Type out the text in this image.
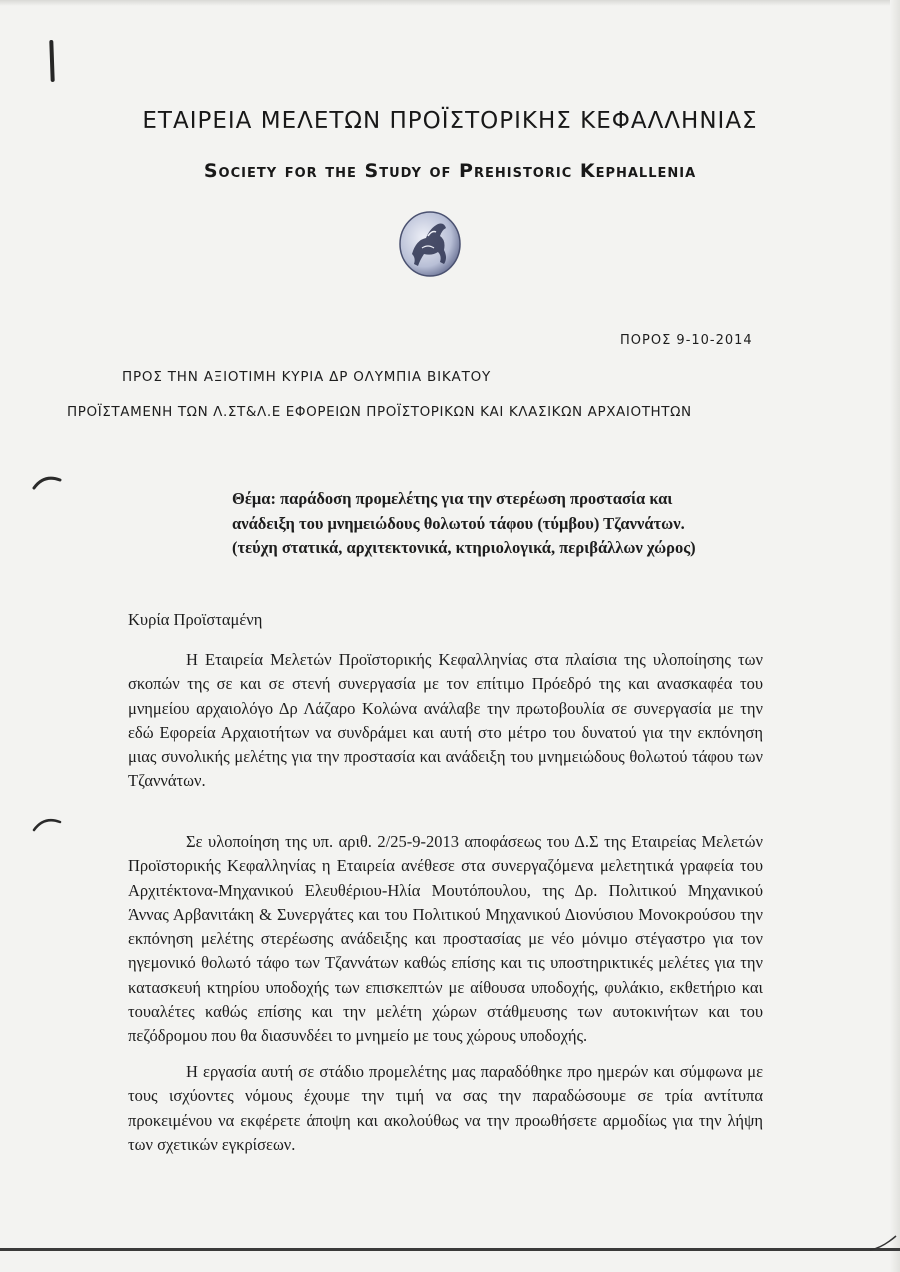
ΕΤΑΙΡΕΙΑ ΜΕΛΕΤΩΝ ΠΡΟΪΣΤΟΡΙΚΗΣ ΚΕΦΑΛΛΗΝΙΑΣ
Society for the Study of Prehistoric Kephallenia
ΠΟΡΟΣ 9-10-2014
ΠΡΟΣ ΤΗΝ ΑΞΙΟΤΙΜΗ ΚΥΡΙΑ ΔΡ ΟΛΥΜΠΙΑ ΒΙΚΑΤΟΥ
ΠΡΟΪΣΤΑΜΕΝΗ ΤΩΝ Λ.ΣΤ&Λ.Ε ΕΦΟΡΕΙΩΝ ΠΡΟΪΣΤΟΡΙΚΩΝ ΚΑΙ ΚΛΑΣΙΚΩΝ ΑΡΧΑΙΟΤΗΤΩΝ
Θέμα: παράδοση προμελέτης για την στερέωση προστασία και
ανάδειξη του μνημειώδους θολωτού τάφου (τύμβου) Τζαννάτων.
(τεύχη στατικά, αρχιτεκτονικά, κτηριολογικά, περιβάλλων χώρος)
Κυρία Προϊσταμένη

Η Εταιρεία Μελετών Προϊστορικής Κεφαλληνίας στα πλαίσια της υλοποίησης των σκοπών της σε και σε στενή συνεργασία με τον επίτιμο Πρόεδρό της και ανασκαφέα του μνημείου αρχαιολόγο Δρ Λάζαρο Κολώνα ανάλαβε την πρωτοβουλία σε συνεργασία με την εδώ Εφορεία Αρχαιοτήτων να συνδράμει και αυτή στο μέτρο του δυνατού για την εκπόνηση μιας συνολικής μελέτης για την προστασία και ανάδειξη του μνημειώδους θολωτού τάφου των Τζαννάτων.

Σε υλοποίηση της υπ. αριθ. 2/25-9-2013 αποφάσεως του Δ.Σ της Εταιρείας Μελετών Προϊστορικής Κεφαλληνίας η Εταιρεία ανέθεσε στα συνεργαζόμενα μελετητικά γραφεία του Αρχιτέκτονα-Μηχανικού Ελευθέριου-Ηλία Μουτόπουλου, της Δρ. Πολιτικού Μηχανικού Άννας Αρβανιτάκη & Συνεργάτες και του Πολιτικού Μηχανικού Διονύσιου Μονοκρούσου την εκπόνηση μελέτης στερέωσης ανάδειξης και προστασίας με νέο μόνιμο στέγαστρο για τον ηγεμονικό θολωτό τάφο των Τζαννάτων καθώς επίσης και τις υποστηρικτικές μελέτες για την κατασκευή κτηρίου υποδοχής των επισκεπτών με αίθουσα υποδοχής, φυλάκιο, εκθετήριο και τουαλέτες καθώς επίσης και την μελέτη χώρων στάθμευσης των αυτοκινήτων και του πεζόδρομου που θα διασυνδέει το μνημείο με τους χώρους υποδοχής.

Η εργασία αυτή σε στάδιο προμελέτης μας παραδόθηκε προ ημερών και σύμφωνα με τους ισχύοντες νόμους έχουμε την τιμή να σας την παραδώσουμε σε τρία αντίτυπα προκειμένου να εκφέρετε άποψη και ακολούθως να την προωθήσετε αρμοδίως για την λήψη των σχετικών εγκρίσεων.
